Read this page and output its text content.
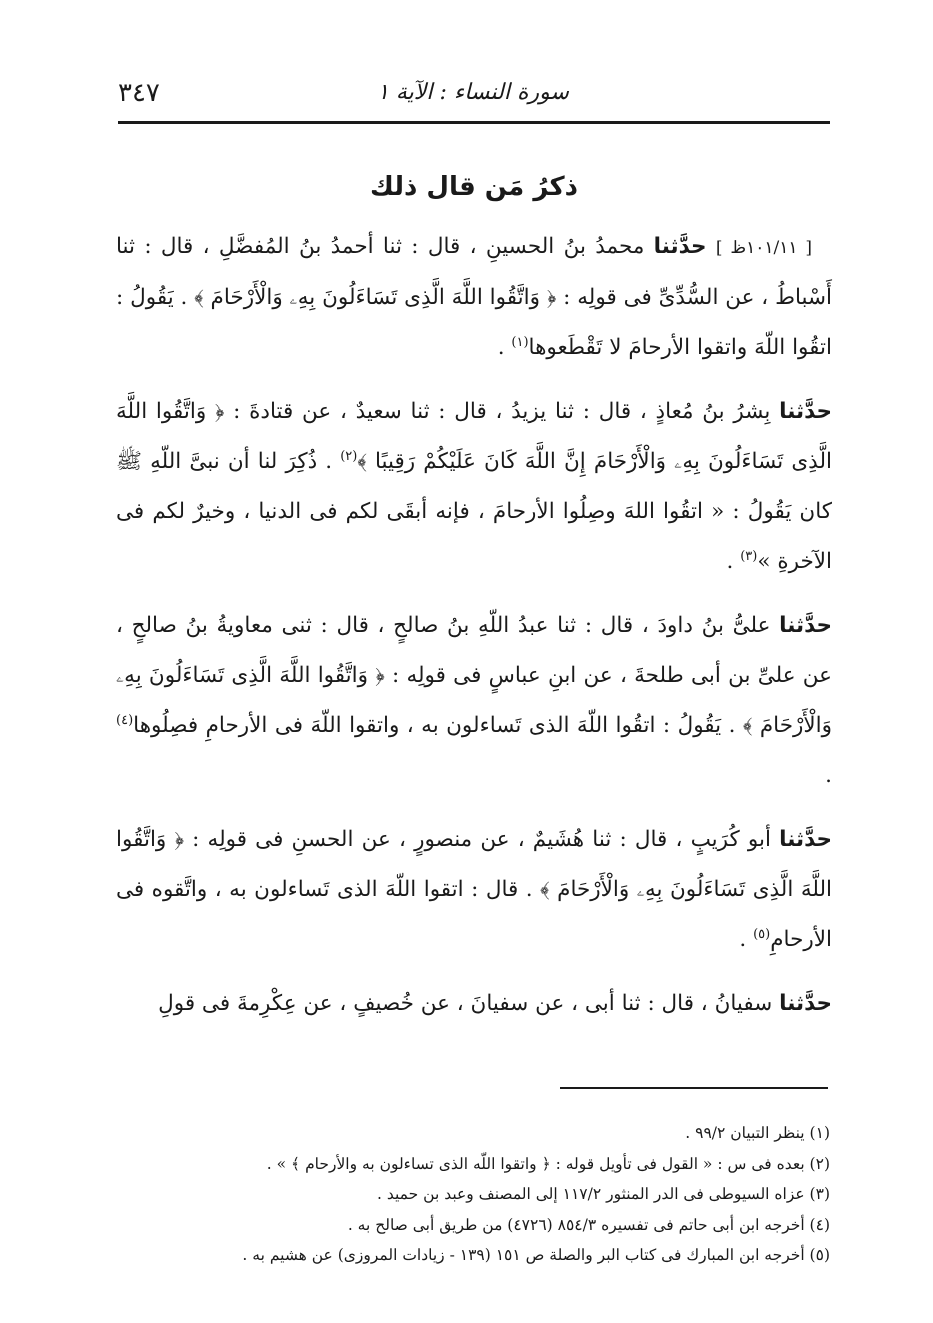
٣٤٧	سورة النساء : الآية ١
ذكرُ مَن قال ذلك

[ ١٠١/١١ظ ] حدَّثنا محمدُ بنُ الحسينِ ، قال : ثنا أحمدُ بنُ المُفضَّلِ ، قال : ثنا أَسْباطُ ، عن السُّدِّىِّ فى قولِه : ﴿ وَاتَّقُوا اللَّهَ الَّذِى تَسَاءَلُونَ بِهِۦ وَالْأَرْحَامَ ﴾ . يَقُولُ : اتقُوا اللّهَ واتقوا الأرحامَ لا تَقْطَعوها$^{(١)}$ .

حدَّثنا بِشرُ بنُ مُعاذٍ ، قال : ثنا يزيدُ ، قال : ثنا سعيدٌ ، عن قتادةَ : ﴿ وَاتَّقُوا اللَّهَ الَّذِى تَسَاءَلُونَ بِهِۦ وَالْأَرْحَامَ إِنَّ اللَّهَ كَانَ عَلَيْكُمْ رَقِيبًا ﴾$^{(٢)}$ . ذُكِرَ لنا أن نبىَّ اللّهِ ﷺ كان يَقُولُ : « اتقُوا اللهَ وصِلُوا الأرحامَ ، فإنه أبقَى لكم فى الدنيا ، وخيرٌ لكم فى الآخرةِ »$^{(٣)}$ .

حدَّثنا علىُّ بنُ داودَ ، قال : ثنا عبدُ اللّهِ بنُ صالحٍ ، قال : ثنى معاويةُ بنُ صالحٍ ، عن علىِّ بن أبى طلحةَ ، عن ابنِ عباسٍ فى قولِه : ﴿ وَاتَّقُوا اللَّهَ الَّذِى تَسَاءَلُونَ بِهِۦ وَالْأَرْحَامَ ﴾ . يَقُولُ : اتقُوا اللّهَ الذى تَساءلون به ، واتقوا اللّهَ فى الأرحامِ فصِلُوها$^{(٤)}$ .

حدَّثنا أبو كُرَيبٍ ، قال : ثنا هُشَيمٌ ، عن منصورٍ ، عن الحسنِ فى قولِه : ﴿ وَاتَّقُوا اللَّهَ الَّذِى تَسَاءَلُونَ بِهِۦ وَالْأَرْحَامَ ﴾ . قال : اتقوا اللّهَ الذى تَساءلون به ، واتَّقوه فى الأرحامِ$^{(٥)}$ .

حدَّثنا سفيانُ ، قال : ثنا أبى ، عن سفيانَ ، عن خُصيفٍ ، عن عِكْرِمةَ فى قولِ

(١) ينظر التبيان ٩٩/٢ .

(٢) بعده فى س : « القول فى تأويل قوله : ﴿ واتقوا اللّه الذى تساءلون به والأرحام ﴾ » .

(٣) عزاه السيوطى فى الدر المنثور ١١٧/٢ إلى المصنف وعبد بن حميد .

(٤) أخرجه ابن أبى حاتم فى تفسيره ٨٥٤/٣ (٤٧٢٦) من طريق أبى صالح به .

(٥) أخرجه ابن المبارك فى كتاب البر والصلة ص ١٥١ (١٣٩ - زيادات المروزى) عن هشيم به .
